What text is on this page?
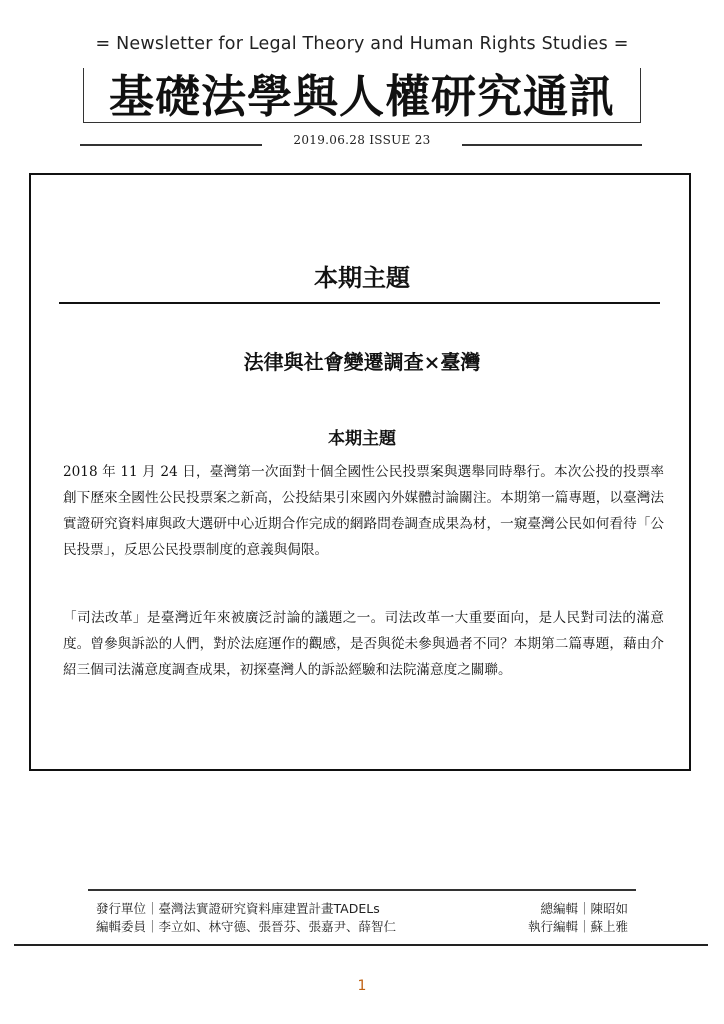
= Newsletter for Legal Theory and Human Rights Studies =
基礎法學與人權研究通訊
2019.06.28 ISSUE 23
本期主題
法律與社會變遷調查×臺灣
本期主題
2018 年 11 月 24 日，臺灣第一次面對十個全國性公民投票案與選舉同時舉行。本次公投的投票率創下歷來全國性公民投票案之新高，公投結果引來國內外媒體討論關注。本期第一篇專題，以臺灣法實證研究資料庫與政大選研中心近期合作完成的網路問卷調查成果為材，一窺臺灣公民如何看待「公民投票」，反思公民投票制度的意義與侷限。
「司法改革」是臺灣近年來被廣泛討論的議題之一。司法改革一大重要面向，是人民對司法的滿意度。曾參與訴訟的人們，對於法庭運作的觀感，是否與從未參與過者不同？本期第二篇專題，藉由介紹三個司法滿意度調查成果，初探臺灣人的訴訟經驗和法院滿意度之關聯。
發行單位｜臺灣法實證研究資料庫建置計畫TADELs
編輯委員｜李立如、林守德、張晉芬、張嘉尹、薛智仁
總編輯｜陳昭如
執行編輯｜蘇上雅
1
